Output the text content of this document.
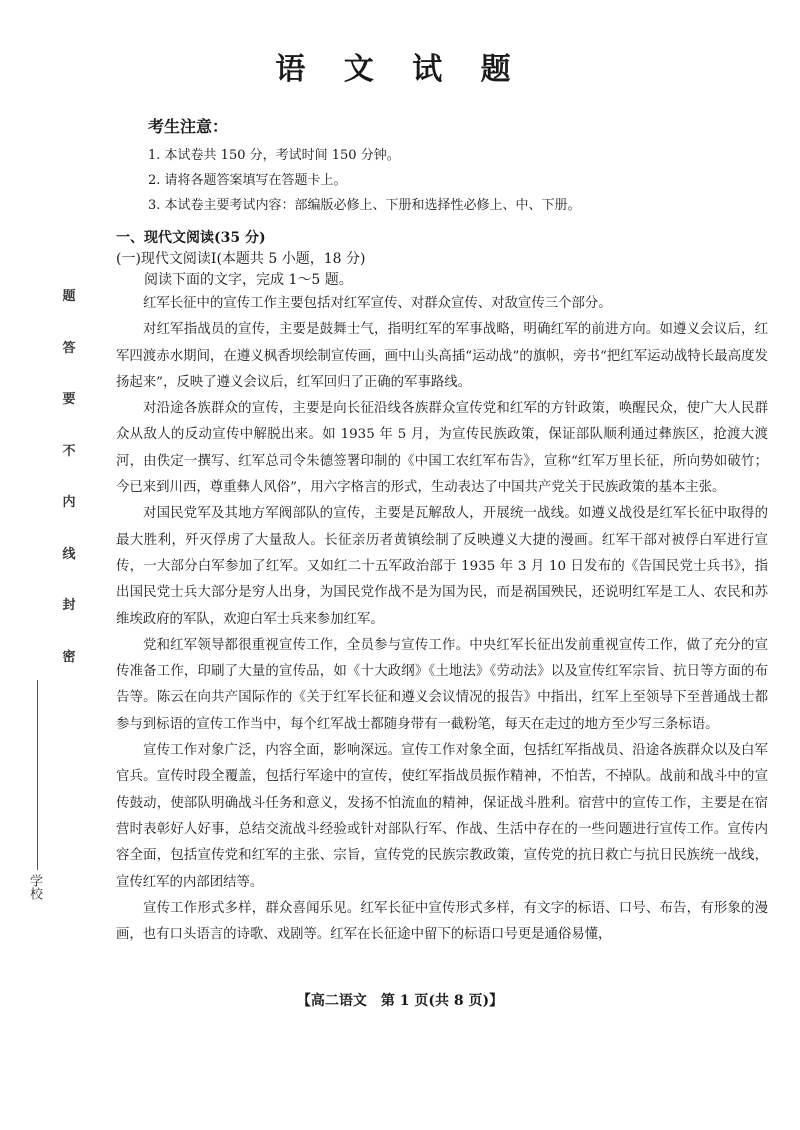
语 文 试 题

考生注意：

1. 本试卷共 150 分，考试时间 150 分钟。

2. 请将各题答案填写在答题卡上。

3. 本试卷主要考试内容：部编版必修上、下册和选择性必修上、中、下册。

一、现代文阅读(35 分)

(一)现代文阅读Ⅰ(本题共 5 小题，18 分)

阅读下面的文字，完成 1～5 题。

红军长征中的宣传工作主要包括对红军宣传、对群众宣传、对敌宣传三个部分。

对红军指战员的宣传，主要是鼓舞士气，指明红军的军事战略，明确红军的前进方向。如遵义会议后，红军四渡赤水期间，在遵义枫香坝绘制宣传画，画中山头高插“运动战”的旗帜，旁书“把红军运动战特长最高度发扬起来”，反映了遵义会议后，红军回归了正确的军事路线。

对沿途各族群众的宣传，主要是向长征沿线各族群众宣传党和红军的方针政策，唤醒民众，使广大人民群众从敌人的反动宣传中解脱出来。如 1935 年 5 月，为宣传民族政策，保证部队顺利通过彝族区，抢渡大渡河，由佚定一撰写、红军总司令朱德签署印制的《中国工农红军布告》，宣称“红军万里长征，所向势如破竹；今已来到川西，尊重彝人风俗”，用六字格言的形式，生动表达了中国共产党关于民族政策的基本主张。

对国民党军及其地方军阀部队的宣传，主要是瓦解敌人，开展统一战线。如遵义战役是红军长征中取得的最大胜利，歼灭俘虏了大量敌人。长征亲历者黄镇绘制了反映遵义大捷的漫画。红军干部对被俘白军进行宣传，一大部分白军参加了红军。又如红二十五军政治部于 1935 年 3 月 10 日发布的《告国民党士兵书》，指出国民党士兵大部分是穷人出身，为国民党作战不是为国为民，而是祸国殃民，还说明红军是工人、农民和苏维埃政府的军队，欢迎白军士兵来参加红军。

党和红军领导都很重视宣传工作，全员参与宣传工作。中央红军长征出发前重视宣传工作，做了充分的宣传准备工作，印刷了大量的宣传品，如《十大政纲》《土地法》《劳动法》以及宣传红军宗旨、抗日等方面的布告等。陈云在向共产国际作的《关于红军长征和遵义会议情况的报告》中指出，红军上至领导下至普通战士都参与到标语的宣传工作当中，每个红军战士都随身带有一截粉笔，每天在走过的地方至少写三条标语。

宣传工作对象广泛，内容全面，影响深远。宣传工作对象全面，包括红军指战员、沿途各族群众以及白军官兵。宣传时段全覆盖，包括行军途中的宣传，使红军指战员振作精神，不怕苦，不掉队。战前和战斗中的宣传鼓动，使部队明确战斗任务和意义，发扬不怕流血的精神，保证战斗胜利。宿营中的宣传工作，主要是在宿营时表彰好人好事，总结交流战斗经验或针对部队行军、作战、生活中存在的一些问题进行宣传工作。宣传内容全面，包括宣传党和红军的主张、宗旨，宣传党的民族宗教政策，宣传党的抗日救亡与抗日民族统一战线，宣传红军的内部团结等。

宣传工作形式多样，群众喜闻乐见。红军长征中宣传形式多样，有文字的标语、口号、布告，有形象的漫画，也有口头语言的诗歌、戏剧等。红军在长征途中留下的标语口号更是通俗易懂，

题
答
要
不
内
线
封
密
学校
【高二语文　第 1 页(共 8 页)】
